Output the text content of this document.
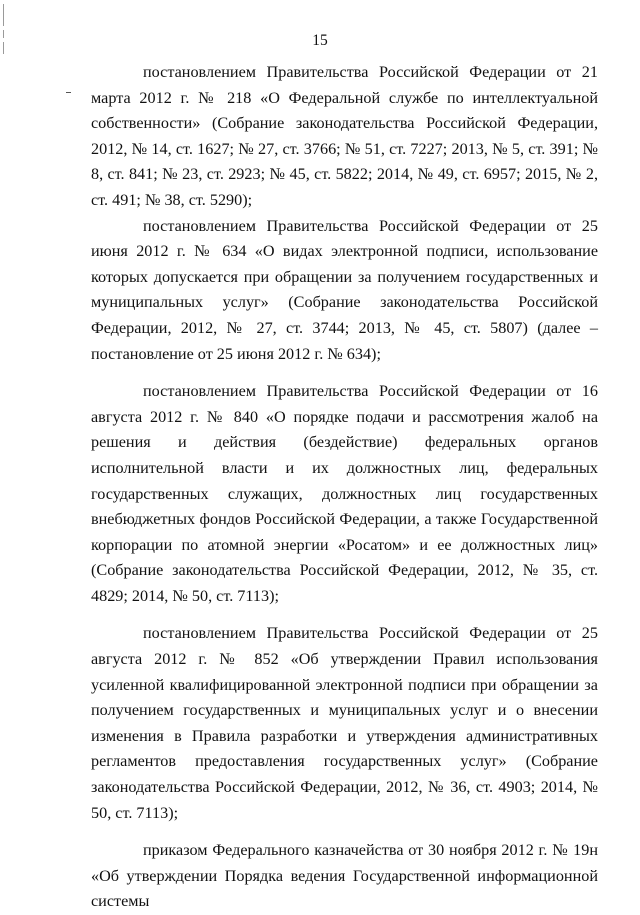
15

постановлением Правительства Российской Федерации от 21 марта 2012 г. № 218 «О Федеральной службе по интеллектуальной собственности» (Собрание законодательства Российской Федерации, 2012, № 14, ст. 1627; № 27, ст. 3766; № 51, ст. 7227; 2013, № 5, ст. 391; № 8, ст. 841; № 23, ст. 2923; № 45, ст. 5822; 2014, № 49, ст. 6957; 2015, № 2, ст. 491; № 38, ст. 5290);

постановлением Правительства Российской Федерации от 25 июня 2012 г. № 634 «О видах электронной подписи, использование которых допускается при обращении за получением государственных и муниципальных услуг» (Собрание законодательства Российской Федерации, 2012, № 27, ст. 3744; 2013, № 45, ст. 5807) (далее – постановление от 25 июня 2012 г. № 634);

постановлением Правительства Российской Федерации от 16 августа 2012 г. № 840 «О порядке подачи и рассмотрения жалоб на решения и действия (бездействие) федеральных органов исполнительной власти и их должностных лиц, федеральных государственных служащих, должностных лиц государственных внебюджетных фондов Российской Федерации, а также Государственной корпорации по атомной энергии «Росатом» и ее должностных лиц» (Собрание законодательства Российской Федерации, 2012, № 35, ст. 4829; 2014, № 50, ст. 7113);

постановлением Правительства Российской Федерации от 25 августа 2012 г. № 852 «Об утверждении Правил использования усиленной квалифицированной электронной подписи при обращении за получением государственных и муниципальных услуг и о внесении изменения в Правила разработки и утверждения административных регламентов предоставления государственных услуг» (Собрание законодательства Российской Федерации, 2012, № 36, ст. 4903; 2014, № 50, ст. 7113);

приказом Федерального казначейства от 30 ноября 2012 г. № 19н «Об утверждении Порядка ведения Государственной информационной системы
